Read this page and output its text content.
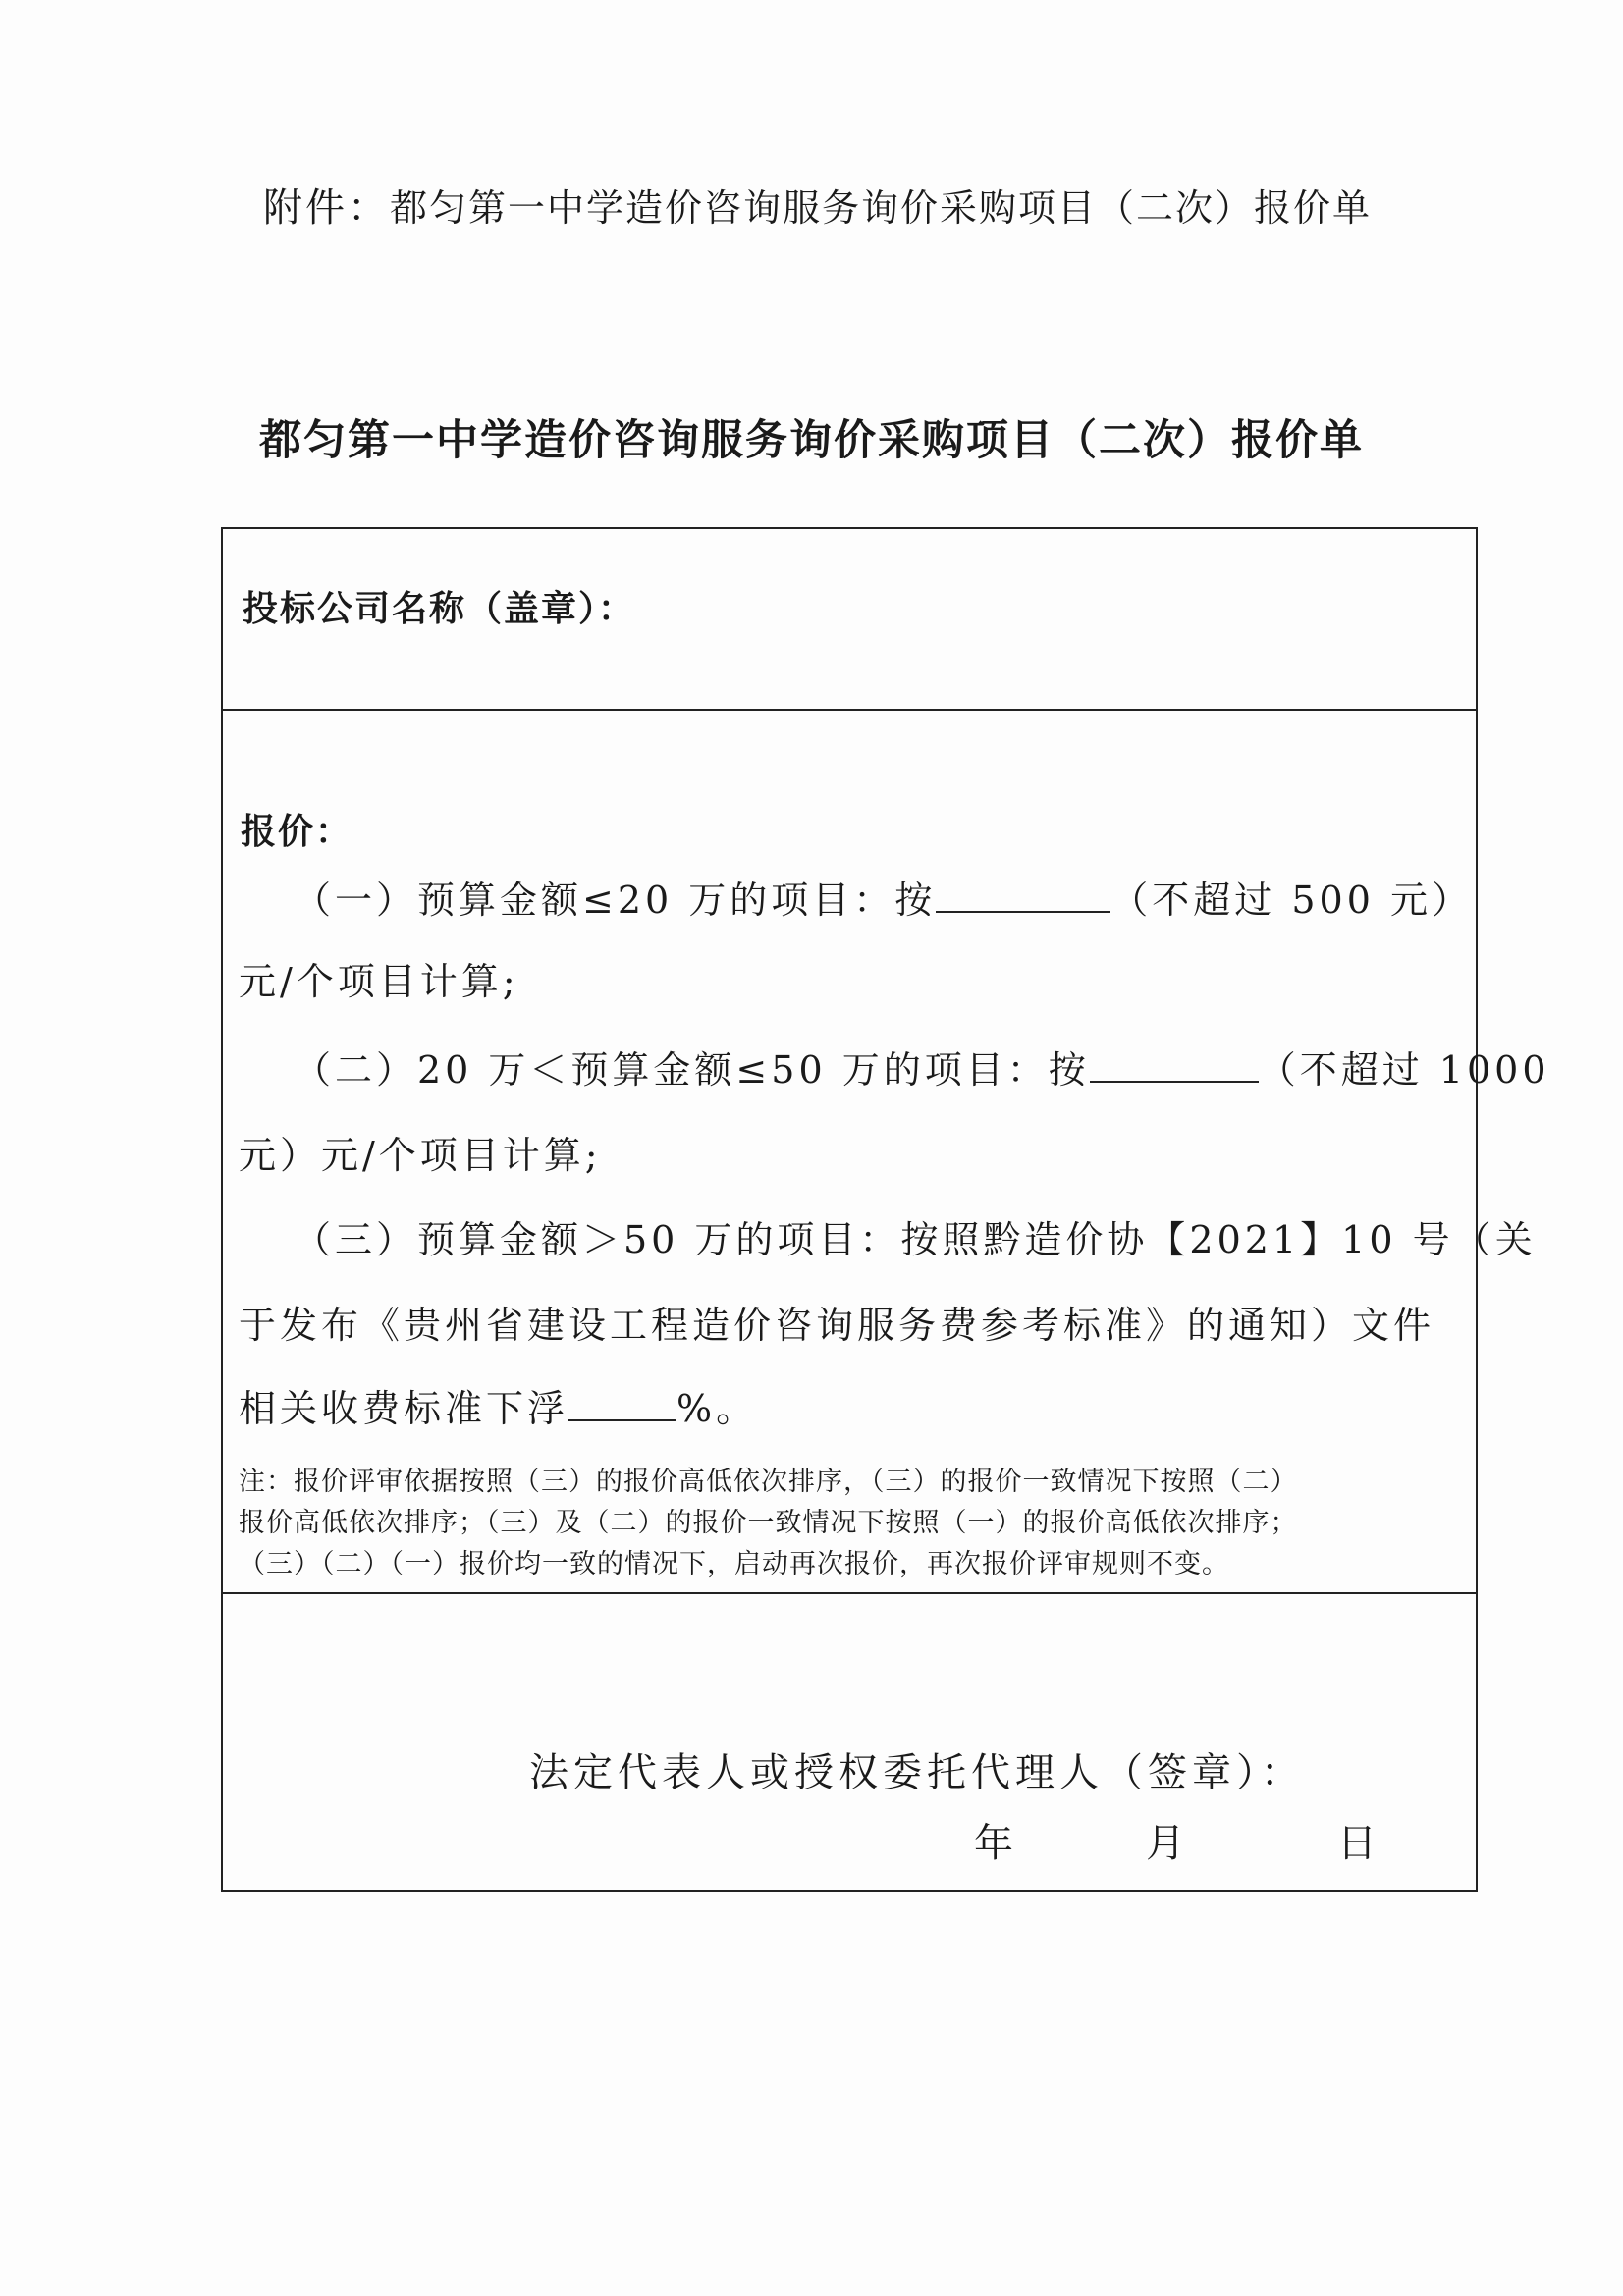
附件：都匀第一中学造价咨询服务询价采购项目（二次）报价单
都匀第一中学造价咨询服务询价采购项目（二次）报价单
投标公司名称（盖章）：
报价：
（一）预算金额≤20 万的项目：按	（不超过 500 元）
元/个项目计算;
（二）20 万＜预算金额≤50 万的项目：按	（不超过 1000
元）元/个项目计算;
（三）预算金额＞50 万的项目：按照黔造价协【2021】10 号（关
于发布《贵州省建设工程造价咨询服务费参考标准》的通知）文件
相关收费标准下浮	%。
注：报价评审依据按照（三）的报价高低依次排序，（三）的报价一致情况下按照（二）
报价高低依次排序；（三）及（二）的报价一致情况下按照（一）的报价高低依次排序；
（三）（二）（一）报价均一致的情况下，启动再次报价，再次报价评审规则不变。
法定代表人或授权委托代理人（签章）：
年	月	日
